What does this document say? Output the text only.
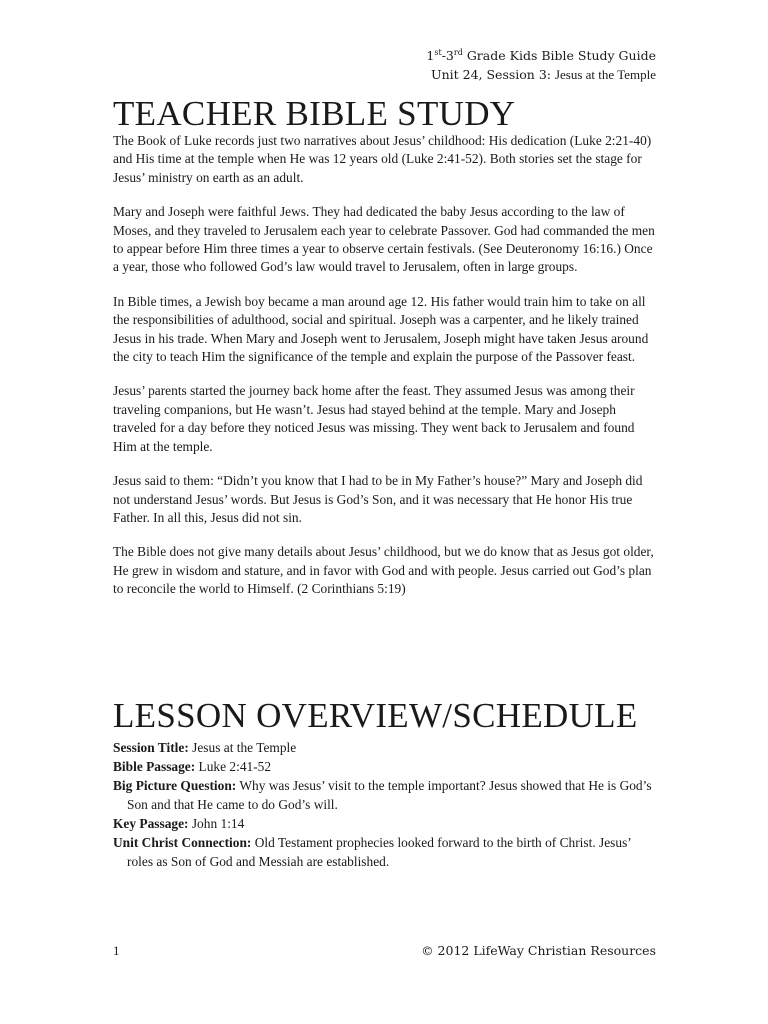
1st-3rd Grade Kids Bible Study Guide
Unit 24, Session 3: Jesus at the Temple
TEACHER BIBLE STUDY

The Book of Luke records just two narratives about Jesus’ childhood: His dedication (Luke 2:21-40) and His time at the temple when He was 12 years old (Luke 2:41-52). Both stories set the stage for Jesus’ ministry on earth as an adult.

Mary and Joseph were faithful Jews. They had dedicated the baby Jesus according to the law of Moses, and they traveled to Jerusalem each year to celebrate Passover. God had commanded the men to appear before Him three times a year to observe certain festivals. (See Deuteronomy 16:16.) Once a year, those who followed God’s law would travel to Jerusalem, often in large groups.

In Bible times, a Jewish boy became a man around age 12. His father would train him to take on all the responsibilities of adulthood, social and spiritual. Joseph was a carpenter, and he likely trained Jesus in his trade. When Mary and Joseph went to Jerusalem, Joseph might have taken Jesus around the city to teach Him the significance of the temple and explain the purpose of the Passover feast.

Jesus’ parents started the journey back home after the feast. They assumed Jesus was among their traveling companions, but He wasn’t. Jesus had stayed behind at the temple. Mary and Joseph traveled for a day before they noticed Jesus was missing. They went back to Jerusalem and found Him at the temple.

Jesus said to them: “Didn’t you know that I had to be in My Father’s house?” Mary and Joseph did not understand Jesus’ words. But Jesus is God’s Son, and it was necessary that He honor His true Father. In all this, Jesus did not sin.

The Bible does not give many details about Jesus’ childhood, but we do know that as Jesus got older, He grew in wisdom and stature, and in favor with God and with people. Jesus carried out God’s plan to reconcile the world to Himself. (2 Corinthians 5:19)

LESSON OVERVIEW/SCHEDULE

Session Title: Jesus at the Temple

Bible Passage: Luke 2:41-52

Big Picture Question: Why was Jesus’ visit to the temple important? Jesus showed that He is God’s Son and that He came to do God’s will.

Key Passage: John 1:14

Unit Christ Connection: Old Testament prophecies looked forward to the birth of Christ. Jesus’ roles as Son of God and Messiah are established.

1	© 2012 LifeWay Christian Resources
